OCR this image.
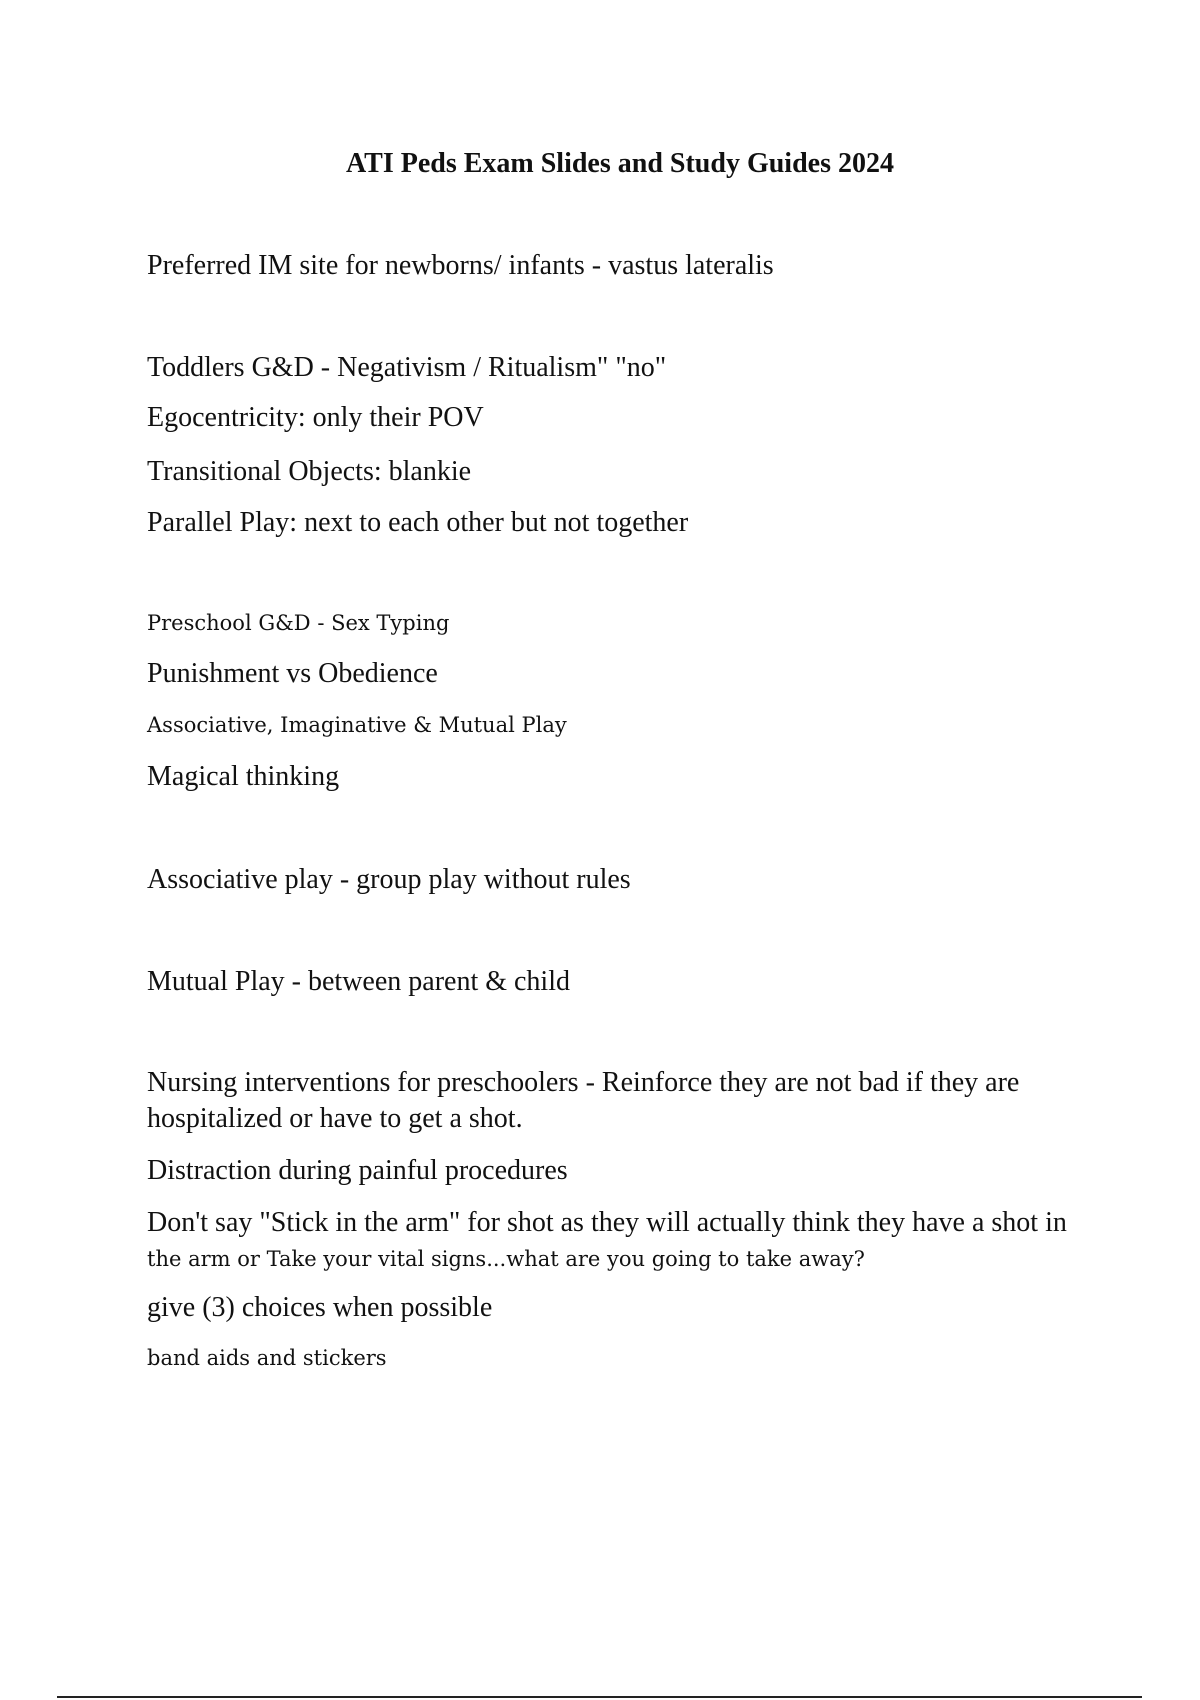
ATI Peds Exam Slides and Study Guides 2024

Preferred IM site for newborns/ infants - vastus lateralis

Toddlers G&D - Negativism / Ritualism" "no"

Egocentricity: only their POV

Transitional Objects: blankie

Parallel Play: next to each other but not together

Preschool G&D - Sex Typing

Punishment vs Obedience

Associative, Imaginative & Mutual Play

Magical thinking

Associative play - group play without rules

Mutual Play - between parent & child

Nursing interventions for preschoolers - Reinforce they are not bad if they are hospitalized or have to get a shot.

Distraction during painful procedures

Don't say "Stick in the arm" for shot as they will actually think they have a shot in

the arm or Take your vital signs...what are you going to take away?

give (3) choices when possible

band aids and stickers
